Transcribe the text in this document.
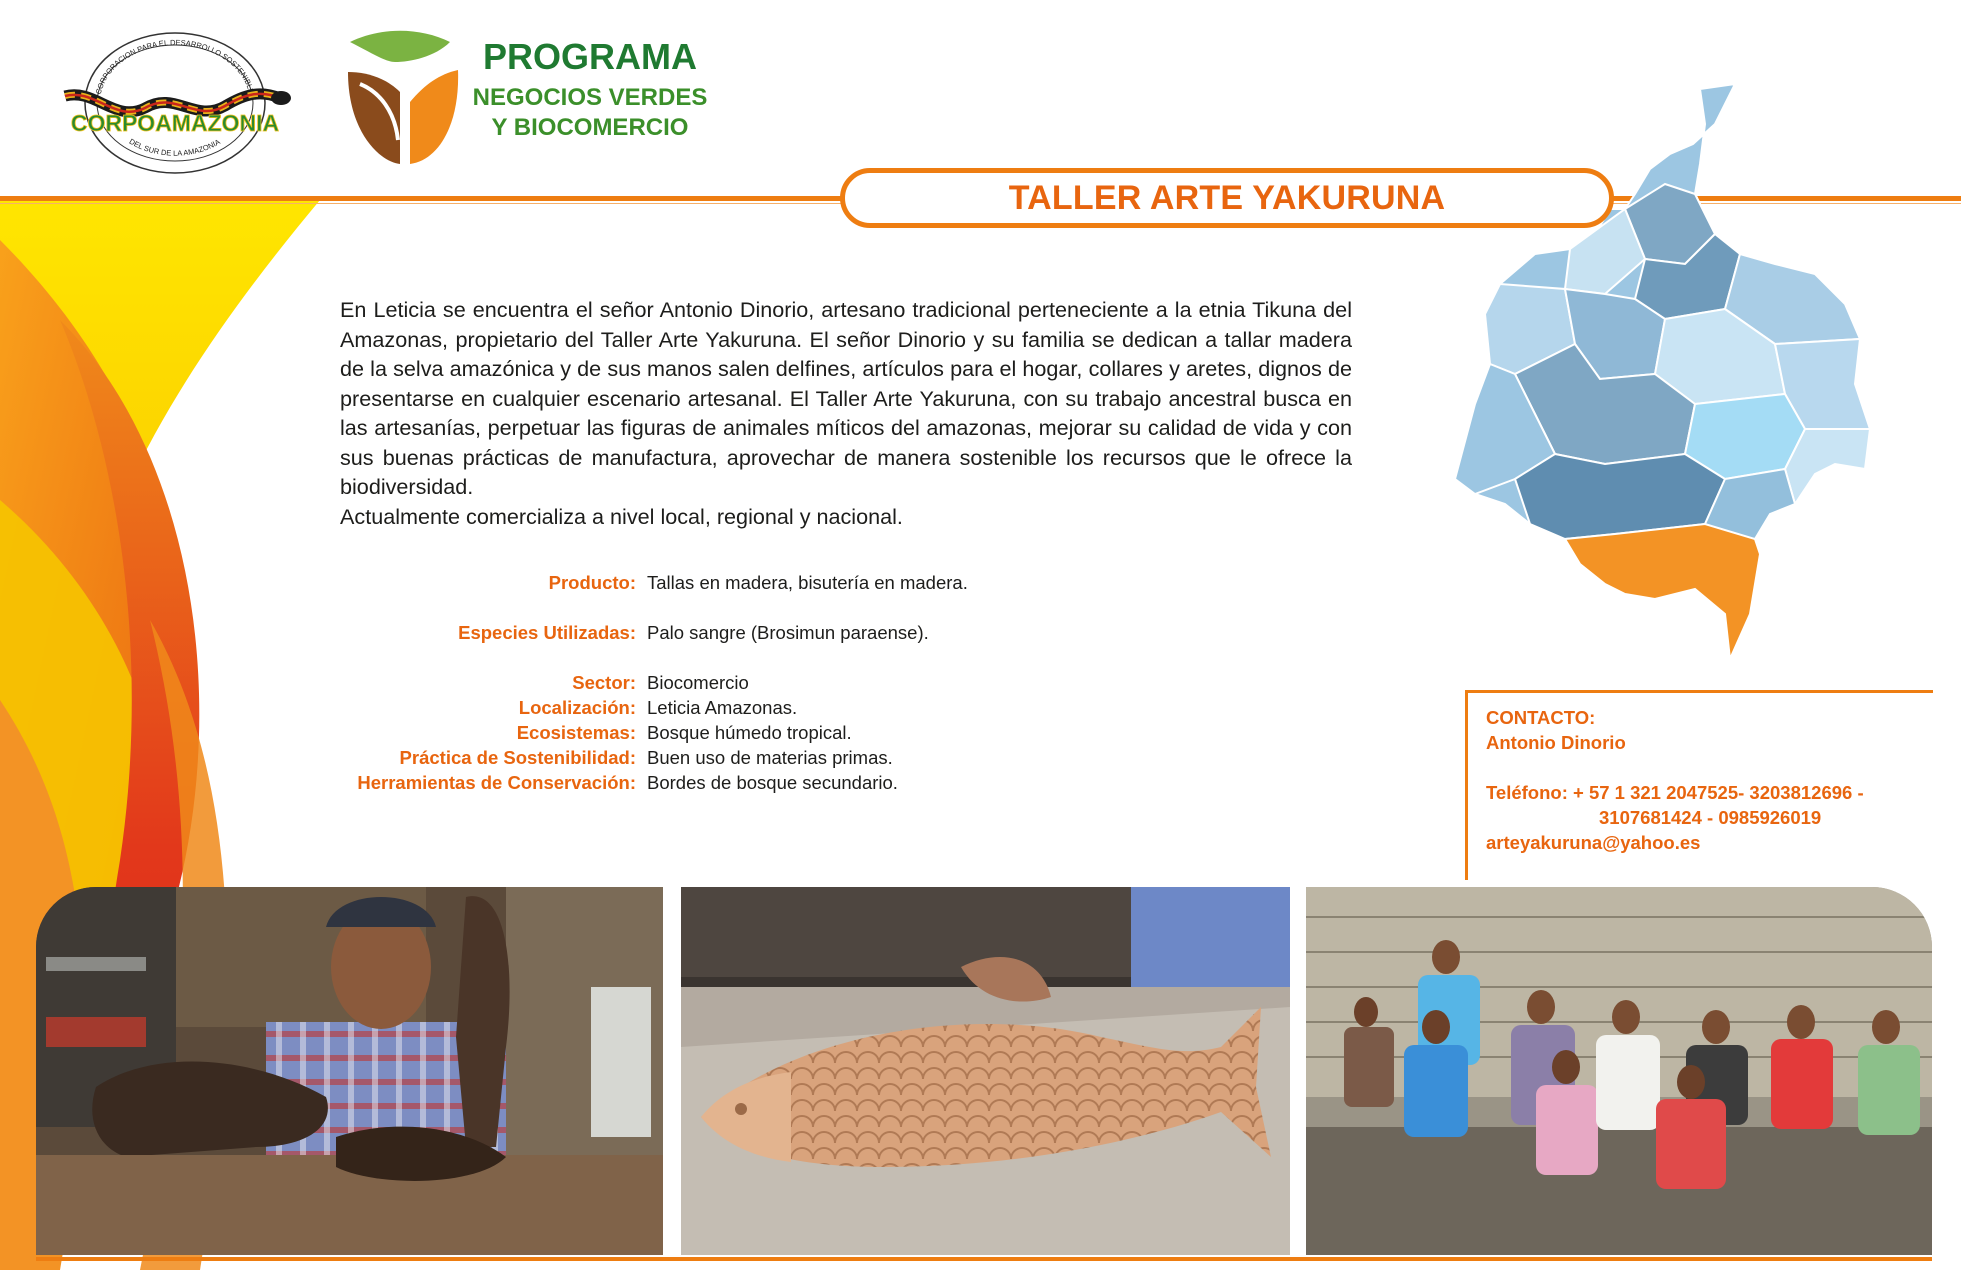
CORPORACION PARA EL DESARROLLO SOSTENIBLE
DEL SUR DE LA AMAZONIA
CORPOAMAZONIA
PROGRAMA
NEGOCIOS VERDES
Y BIOCOMERCIO
TALLER ARTE YAKURUNA

En Leticia se encuentra el señor Antonio Dinorio, artesano tradicional perteneciente a la etnia Tikuna del Amazonas, propietario del Taller Arte Yakuruna. El señor Dinorio y su familia se dedican a tallar madera de la selva amazónica y de sus manos salen delfines, artículos para el hogar, collares y aretes, dignos de presentarse en cualquier escenario artesanal. El Taller Arte Yakuruna, con su trabajo ancestral busca en las artesanías, perpetuar las figuras de animales míticos del amazonas, mejorar su calidad de vida y con sus buenas prácticas de manufactura, aprovechar de manera sostenible los recursos que le ofrece la biodiversidad.

Actualmente comercializa a nivel local, regional y nacional.

Producto: Tallas en madera, bisutería en madera.
Especies Utilizadas: Palo sangre (Brosimun paraense).
Sector: Biocomercio
Localización: Leticia Amazonas.
Ecosistemas: Bosque húmedo tropical.
Práctica de Sostenibilidad: Buen uso de materias primas.
Herramientas de Conservación: Bordes de bosque secundario.
CONTACTO:
Antonio Dinorio
Teléfono: + 57 1 321 2047525- 3203812696 -
3107681424 - 0985926019
arteyakuruna@yahoo.es
